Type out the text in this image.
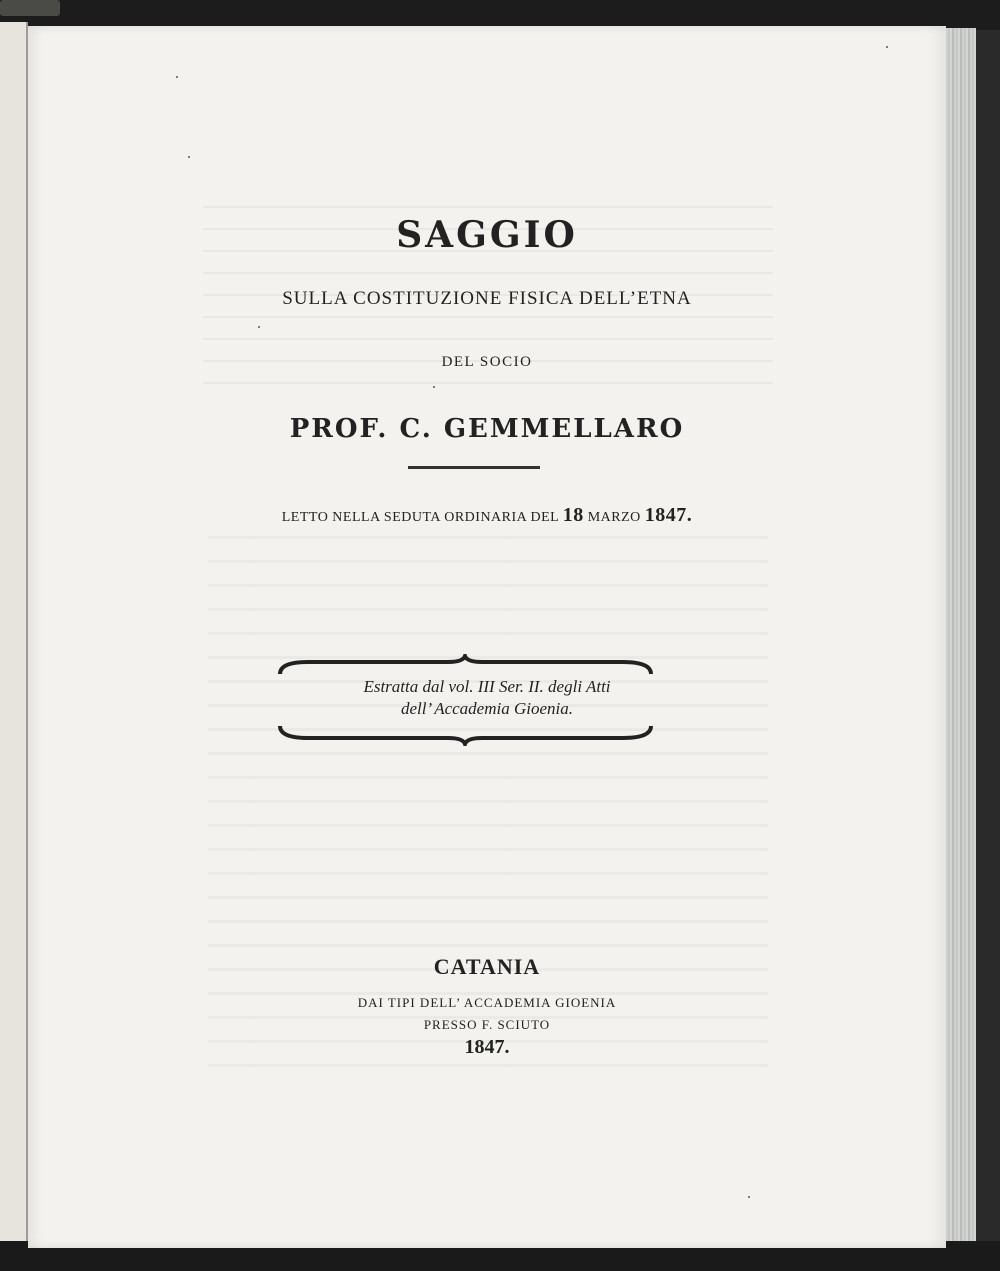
SAGGIO
SULLA COSTITUZIONE FISICA DELL’ETNA
DEL SOCIO
PROF. C. GEMMELLARO
LETTO NELLA SEDUTA ORDINARIA DEL 18 MARZO 1847.
Estratta dal vol. III Ser. II. degli Atti
dell’ Accademia Gioenia.
CATANIA
DAI TIPI DELL’ ACCADEMIA GIOENIA
PRESSO F. SCIUTO
1847.
